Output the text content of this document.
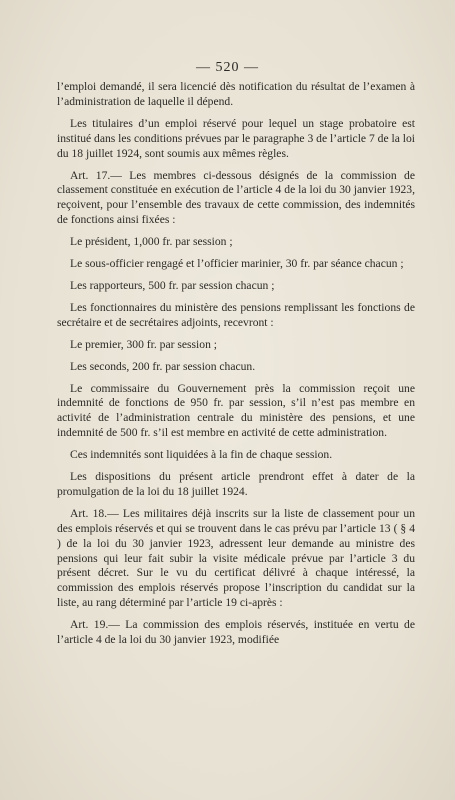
— 520 —

l’emploi demandé, il sera licencié dès notification du résultat de l’examen à l’administration de laquelle il dépend.

Les titulaires d’un emploi réservé pour lequel un stage probatoire est institué dans les conditions prévues par le paragraphe 3 de l’article 7 de la loi du 18 juillet 1924, sont soumis aux mêmes règles.

Art. 17.— Les membres ci-dessous désignés de la commission de classement constituée en exécution de l’article 4 de la loi du 30 janvier 1923, reçoivent, pour l’ensemble des travaux de cette commission, des indemnités de fonctions ainsi fixées :

Le président, 1,000 fr. par session ;

Le sous-officier rengagé et l’officier marinier, 30 fr. par séance chacun ;

Les rapporteurs, 500 fr. par session chacun ;

Les fonctionnaires du ministère des pensions remplissant les fonctions de secrétaire et de secrétaires adjoints, recevront :

Le premier, 300 fr. par session ;

Les seconds, 200 fr. par session chacun.

Le commissaire du Gouvernement près la commission reçoit une indemnité de fonctions de 950 fr. par session, s’il n’est pas membre en activité de l’administration centrale du ministère des pensions, et une indemnité de 500 fr. s’il est membre en activité de cette administration.

Ces indemnités sont liquidées à la fin de chaque session.

Les dispositions du présent article prendront effet à dater de la promulgation de la loi du 18 juillet 1924.

Art. 18.— Les militaires déjà inscrits sur la liste de classement pour un des emplois réservés et qui se trouvent dans le cas prévu par l’article 13 ( § 4 ) de la loi du 30 janvier 1923, adressent leur demande au ministre des pensions qui leur fait subir la visite médicale prévue par l’article 3 du présent décret. Sur le vu du certificat délivré à chaque intéressé, la commission des emplois réservés propose l’inscription du candidat sur la liste, au rang déterminé par l’article 19 ci-après :

Art. 19.— La commission des emplois réservés, instituée en vertu de l’article 4 de la loi du 30 janvier 1923, modifiée
